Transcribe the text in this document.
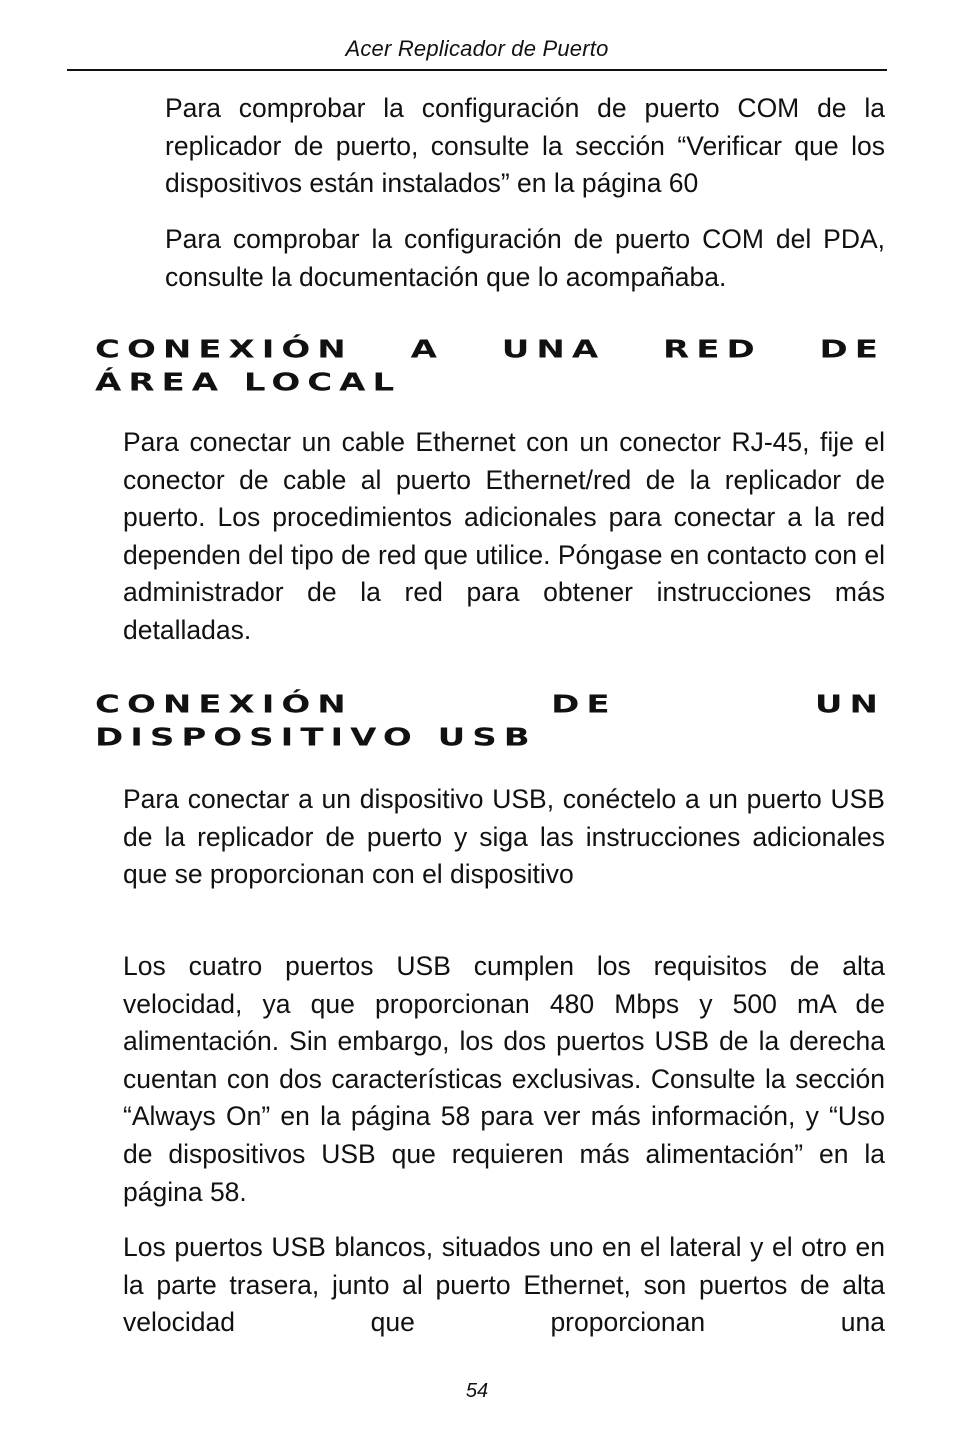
Acer Replicador de Puerto

Para comprobar la configuración de puerto COM de la replicador de puerto, consulte la sección “Verificar que los dispositivos están instalados” en la página 60

Para comprobar la configuración de puerto COM del PDA, consulte la documentación que lo acompañaba.

CONEXIÓN A UNA RED DE
ÁREA LOCAL

Para conectar un cable Ethernet con un conector RJ-45, fije el conector de cable al puerto Ethernet/red de la replicador de puerto. Los procedimientos adicionales para conectar a la red dependen del tipo de red que utilice. Póngase en contacto con el administrador de la red para obtener instrucciones más detalladas.

CONEXIÓN DE UN
DISPOSITIVO USB

Para conectar a un dispositivo USB, conéctelo a un puerto USB de la replicador de puerto y siga las instrucciones adicionales que se proporcionan con el dispositivo

Los cuatro puertos USB cumplen los requisitos de alta velocidad, ya que proporcionan 480 Mbps y 500 mA de alimentación. Sin embargo, los dos puertos USB de la derecha cuentan con dos características exclusivas. Consulte la sección “Always On” en la página 58 para ver más información, y “Uso de dispositivos USB que requieren más alimentación” en la página 58.

Los puertos USB blancos, situados uno en el lateral y el otro en la parte trasera, junto al puerto Ethernet, son puertos de alta velocidad que proporcionan una

54
